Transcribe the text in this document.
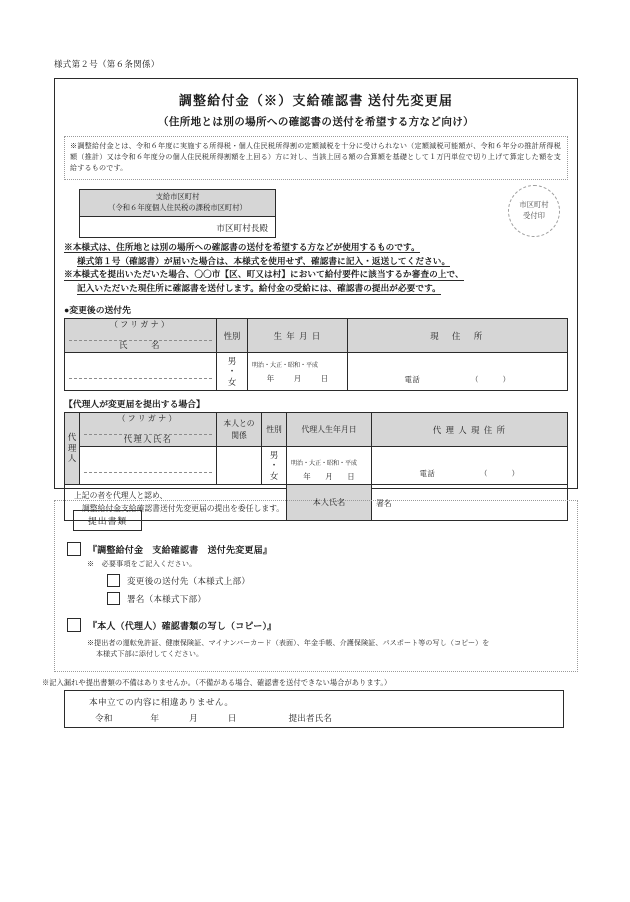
様式第２号（第６条関係）
調整給付金（※）支給確認書 送付先変更届
（住所地とは別の場所への確認書の送付を希望する方など向け）
※調整給付金とは、令和６年度に実施する所得税・個人住民税所得割の定額減税を十分に受けられない（定額減税可能額が、令和６年分の推計所得税額（推計）又は令和６年度分の個人住民税所得割額を上回る）方に対し、当該上回る額の合算額を基礎として１万円単位で切り上げて算定した額を支給するものです。
支給市区町村
（令和６年度個人住民税の課税市区町村）
市区町村長殿
市区町村
受付印
※本様式は、住所地とは別の場所への確認書の送付を希望する方などが使用するものです。
様式第１号（確認書）が届いた場合は、本様式を使用せず、確認書に記入・返送してください。
※本様式を提出いただいた場合、〇〇市【区、町又は村】において給付要件に該当するか審査の上で、
記入いただいた現住所に確認書を送付します。給付金の受給には、確認書の提出が必要です。
●変更後の送付先
（フリガナ）
氏　　名	性別	生 年 月 日	現　住　所

男
・
女

明治・大正・昭和・平成
年	月	日	電話	（　　　）
【代理人が変更届を提出する場合】
代理人	
（フリガナ）
代理人氏名

本人との
関係
	性別	代理人生年月日	代 理 人 現 住 所

男
・
女

明治・大正・昭和・平成
年 月 日	電話	（　　　）

上記の者を代理人と認め、
調整給付金支給確認書送付先変更届の提出を委任します。				本人氏名	署名
提出書類
『調整給付金　支給確認書　送付先変更届』
※　必要事項をご記入ください。
変更後の送付先（本様式上部）
署名（本様式下部）
『本人（代理人）確認書類の写し（コピー）』
※提出者の運転免許証、健康保険証、マイナンバーカード（表面）、年金手帳、介護保険証、パスポート等の写し（コピー）を
本様式下部に添付してください。
※記入漏れや提出書類の不備はありませんか。（不備がある場合、確認書を送付できない場合があります。）
本申立ての内容に相違ありません。
令和	年	月	日	提出者氏名
